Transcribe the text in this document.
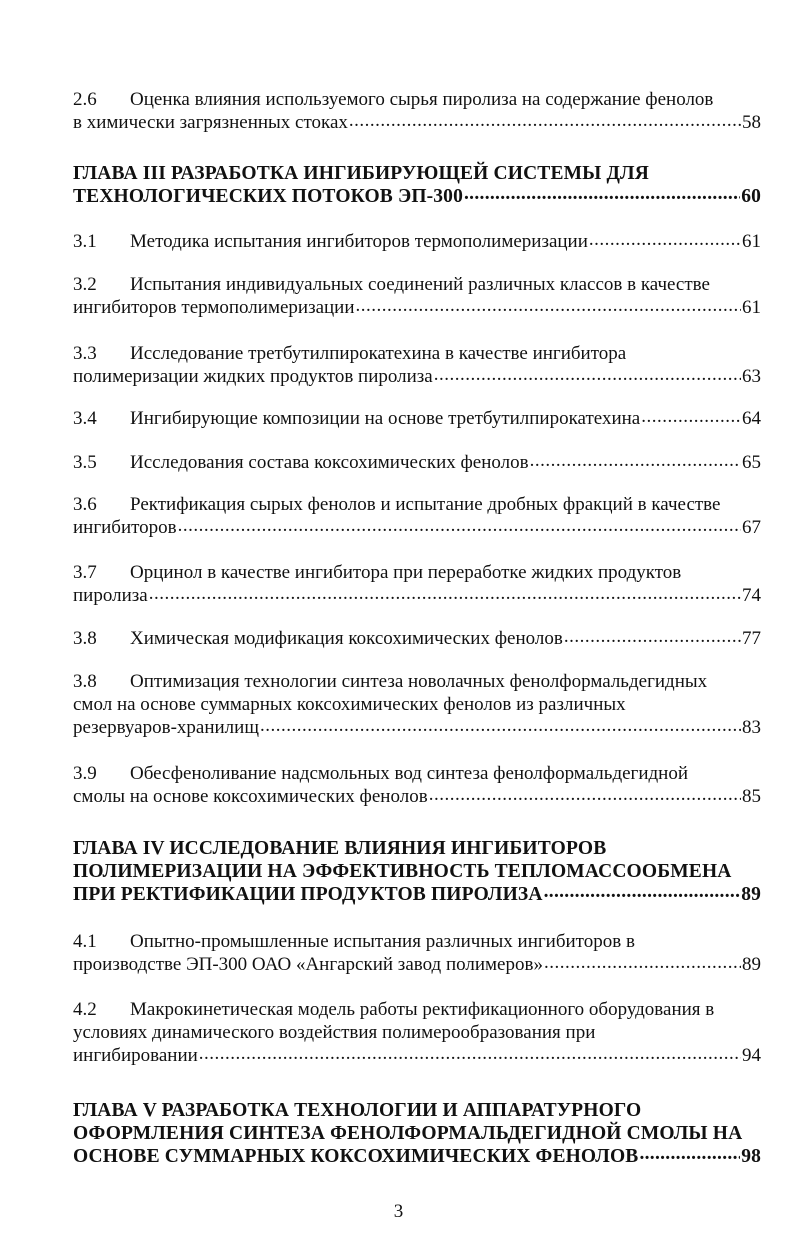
2.6	Оценка влияния используемого сырья пиролиза на содержание фенолов
в химически загрязненных стоках .....	58
ГЛАВА III РАЗРАБОТКА ИНГИБИРУЮЩЕЙ СИСТЕМЫ ДЛЯ
ТЕХНОЛОГИЧЕСКИХ ПОТОКОВ ЭП-300 .....	60
3.1	Методика испытания ингибиторов термополимеризации .....	61
3.2	Испытания индивидуальных соединений различных классов в качестве
ингибиторов термополимеризации .....	61
3.3	Исследование третбутилпирокатехина в качестве ингибитора
полимеризации жидких продуктов пиролиза .....	63
3.4	Ингибирующие композиции на основе третбутилпирокатехина .....	64
3.5	Исследования состава коксохимических фенолов .....	65
3.6	Ректификация сырых фенолов и испытание дробных фракций в качестве
ингибиторов .....	67
3.7	Орцинол в качестве ингибитора при переработке жидких продуктов
пиролиза .....	74
3.8	Химическая модификация коксохимических фенолов .....	77
3.8	Оптимизация технологии синтеза новолачных фенолформальдегидных
смол на основе суммарных коксохимических фенолов из различных
резервуаров-хранилищ .....	83
3.9	Обесфеноливание надсмольных вод синтеза фенолформальдегидной
смолы на основе коксохимических фенолов .....	85
ГЛАВА IV ИССЛЕДОВАНИЕ ВЛИЯНИЯ ИНГИБИТОРОВ
ПОЛИМЕРИЗАЦИИ НА ЭФФЕКТИВНОСТЬ ТЕПЛОМАССООБМЕНА
ПРИ РЕКТИФИКАЦИИ ПРОДУКТОВ ПИРОЛИЗА .....	89
4.1	Опытно-промышленные испытания различных ингибиторов в
производстве ЭП-300 ОАО «Ангарский завод полимеров» .....	89
4.2	Макрокинетическая модель работы ректификационного оборудования в
условиях динамического воздействия полимерообразования при
ингибировании .....	94
ГЛАВА V РАЗРАБОТКА ТЕХНОЛОГИИ И АППАРАТУРНОГО
ОФОРМЛЕНИЯ СИНТЕЗА ФЕНОЛФОРМАЛЬДЕГИДНОЙ СМОЛЫ НА
ОСНОВЕ СУММАРНЫХ КОКСОХИМИЧЕСКИХ ФЕНОЛОВ .....	98
3
